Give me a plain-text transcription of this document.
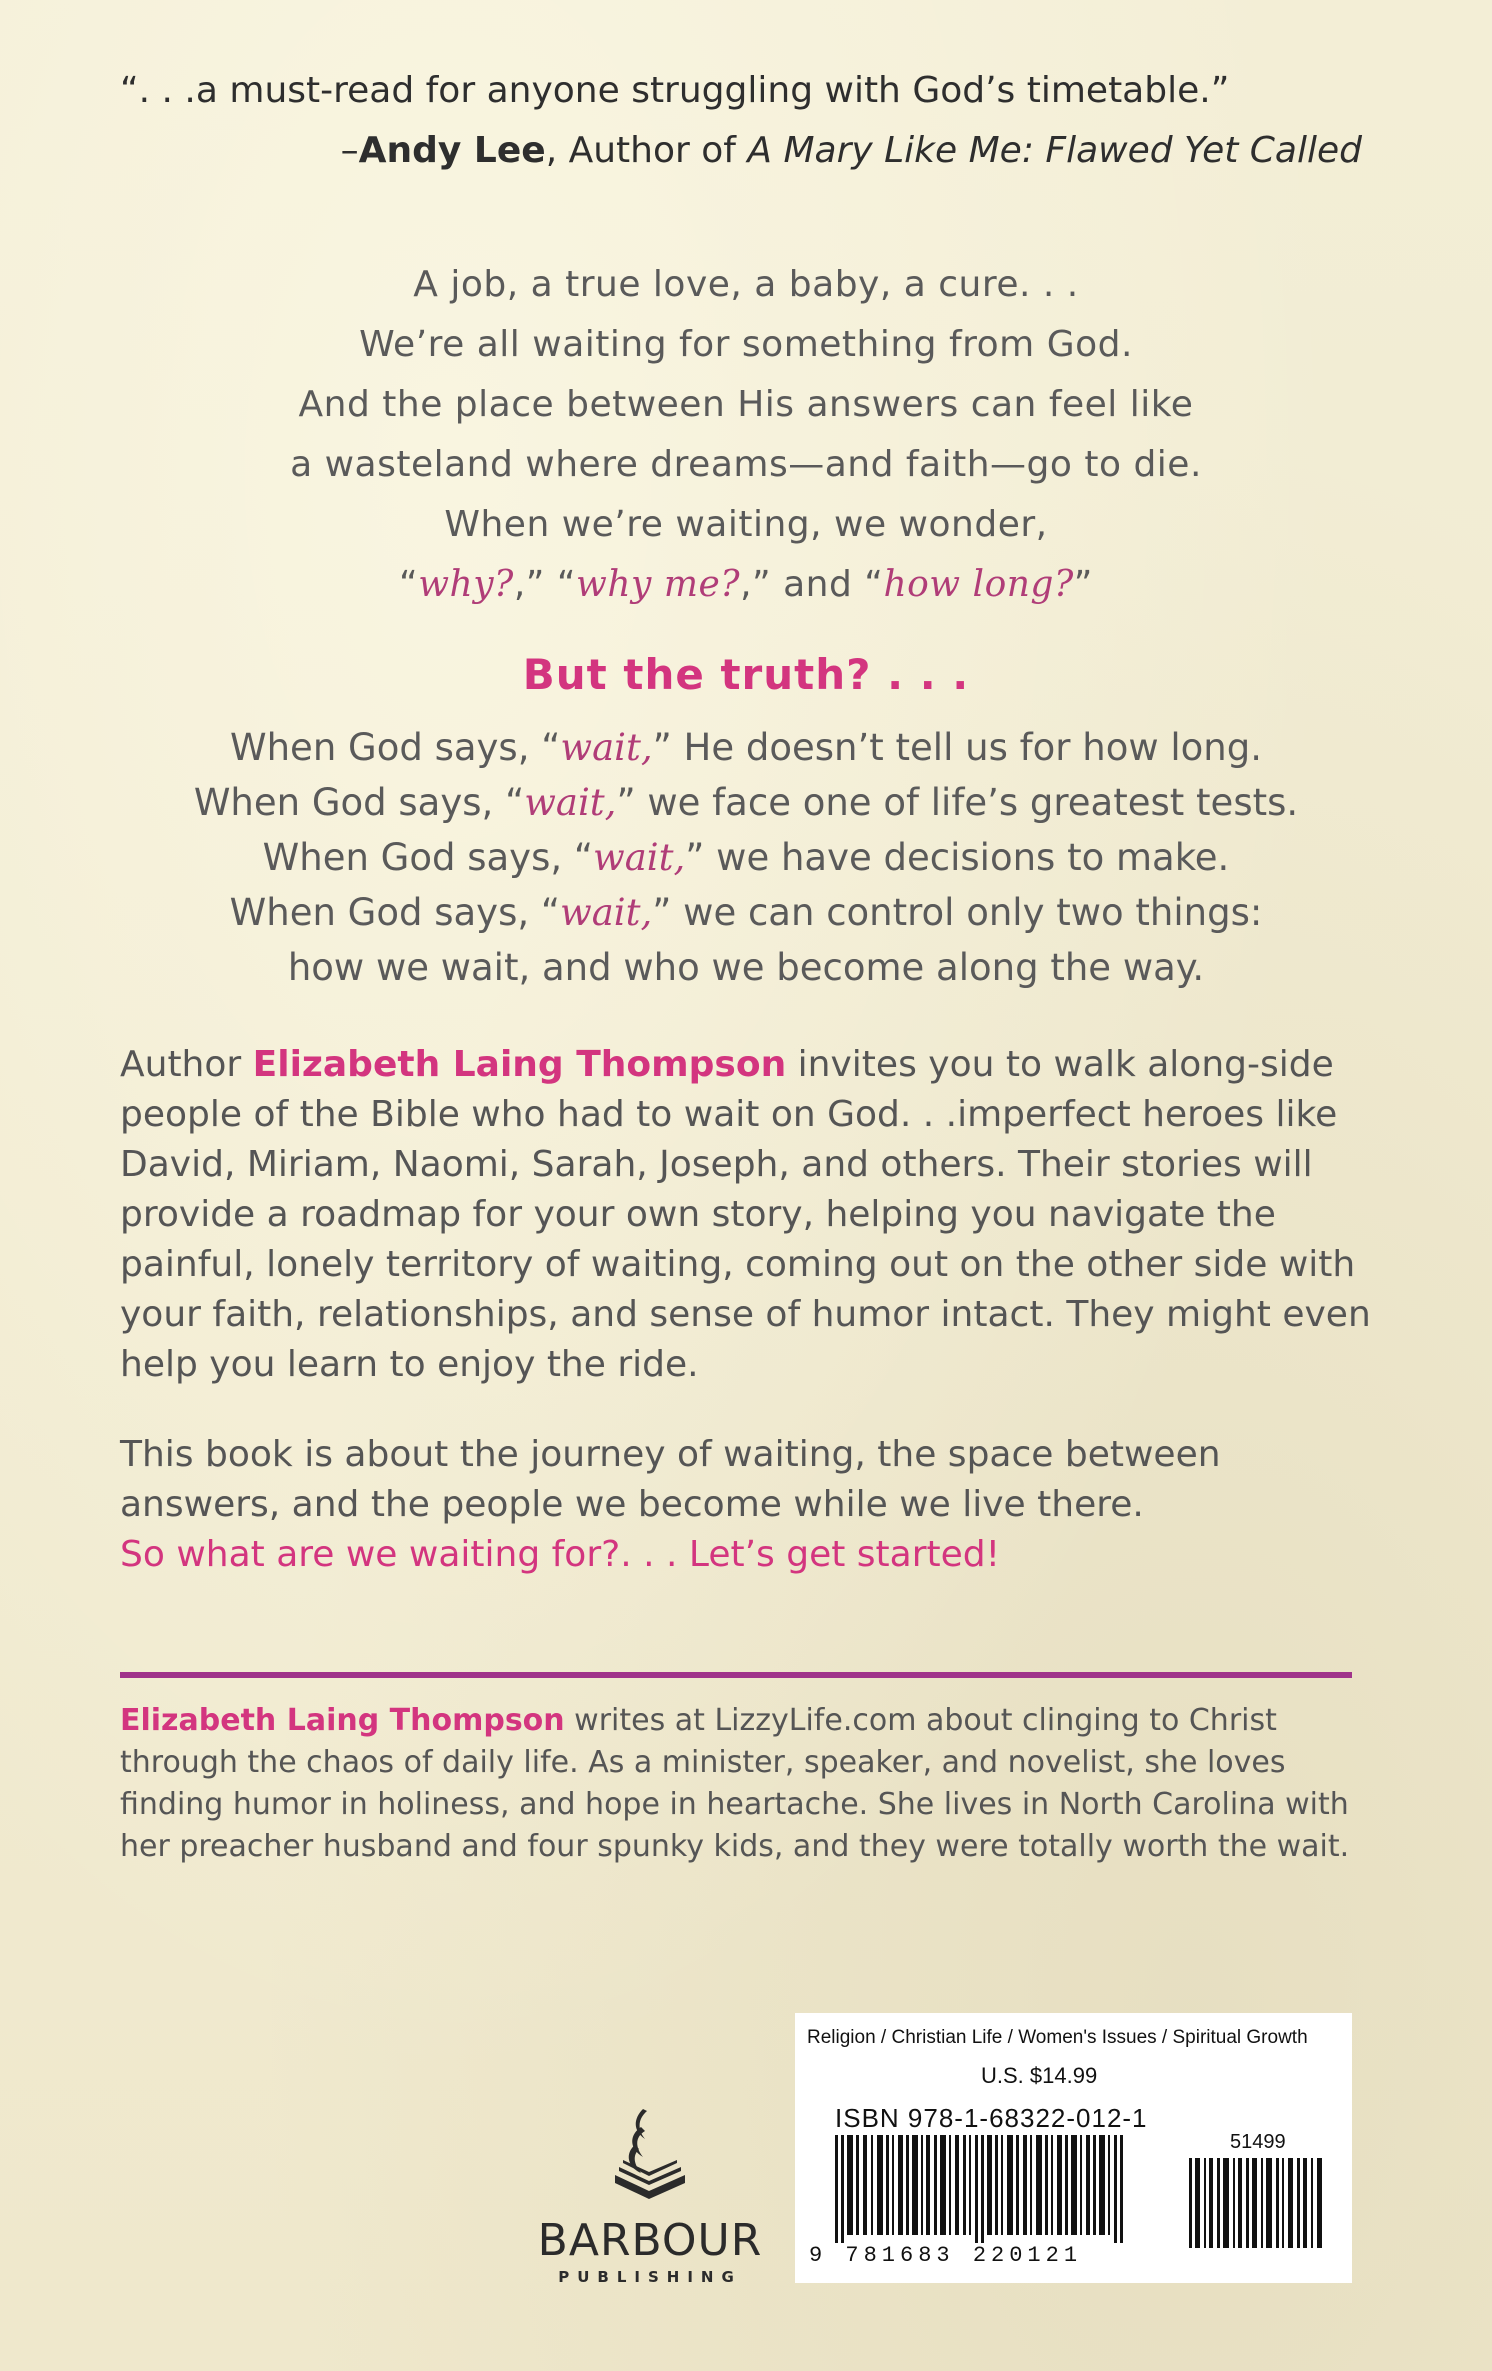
“. . .a must-read for anyone struggling with God’s timetable.”
–Andy Lee, Author of A Mary Like Me: Flawed Yet Called
A job, a true love, a baby, a cure. . .
We’re all waiting for something from God.
And the place between His answers can feel like
a wasteland where dreams—and faith—go to die.
When we’re waiting, we wonder,
“why?,” “why me?,” and “how long?”
But the truth? . . .
When God says, “wait,” He doesn’t tell us for how long.
When God says, “wait,” we face one of life’s greatest tests.
When God says, “wait,” we have decisions to make.
When God says, “wait,” we can control only two things:
how we wait, and who we become along the way.
Author Elizabeth Laing Thompson invites you to walk along-side people of the Bible who had to wait on God. . .imperfect heroes like David, Miriam, Naomi, Sarah, Joseph, and others. Their stories will provide a roadmap for your own story, helping you navigate the painful, lonely territory of waiting, coming out on the other side with your faith, relationships, and sense of humor intact. They might even help you learn to enjoy the ride.
This book is about the journey of waiting, the space between answers, and the people we become while we live there.
So what are we waiting for?. . . Let’s get started!
Elizabeth Laing Thompson writes at LizzyLife.com about clinging to Christ through the chaos of daily life. As a minister, speaker, and novelist, she loves finding humor in holiness, and hope in heartache. She lives in North Carolina with her preacher husband and four spunky kids, and they were totally worth the wait.
BARBOUR
PUBLISHING
Religion / Christian Life / Women's Issues / Spiritual Growth
U.S. $14.99
ISBN 978-1-68322-012-1
51499
9 781683 220121
